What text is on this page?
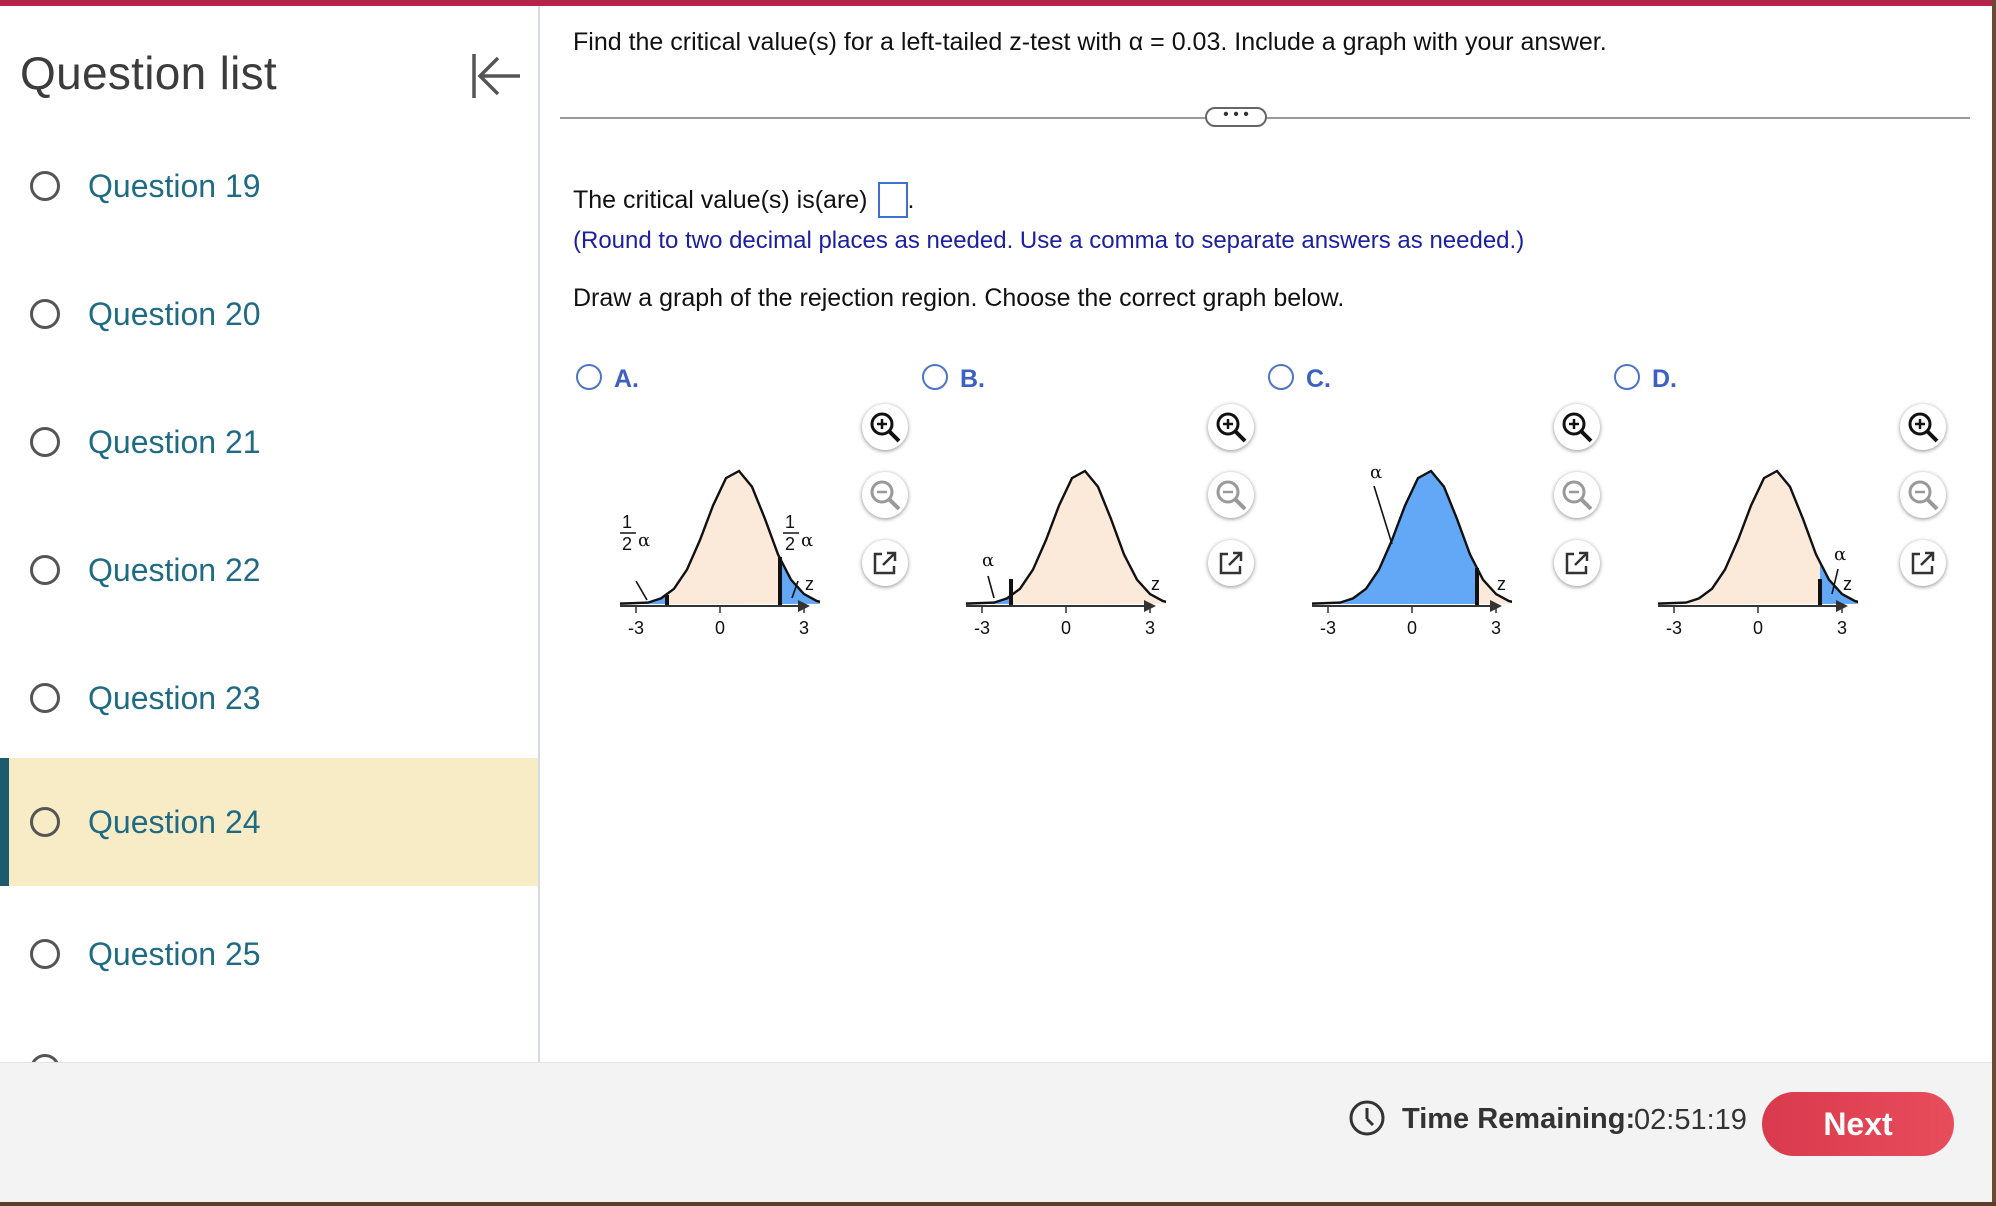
Question list
Question 19
Question 20
Question 21
Question 22
Question 23
Question 24
Question 25
Find the critical value(s) for a left-tailed z-test with α = 0.03. Include a graph with your answer.
• • •
The critical value(s) is(are) .
(Round to two decimal places as needed. Use a comma to separate answers as needed.)
Draw a graph of the rejection region. Choose the correct graph below.
A.
1
2 α
1
2 α
z
-3	0	3
B.
α
z
-3	0	3
C.
α
z
-3	0	3
D.
α
z
-3	0	3
Time Remaining:
02:51:19	Next
